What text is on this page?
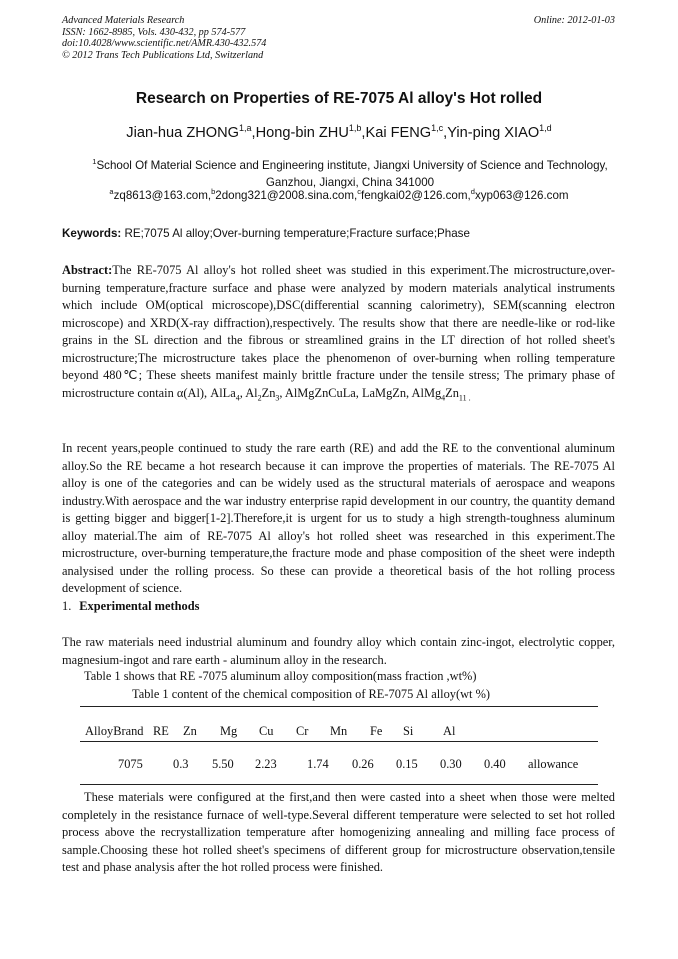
Advanced Materials Research
ISSN: 1662-8985, Vols. 430-432, pp 574-577
doi:10.4028/www.scientific.net/AMR.430-432.574
© 2012 Trans Tech Publications Ltd, Switzerland
Online: 2012-01-03
Research on Properties of RE-7075 Al alloy's Hot rolled
Jian-hua ZHONG$^{1,a}$,Hong-bin ZHU$^{1,b}$,Kai FENG$^{1,c}$,Yin-ping XIAO$^{1,d}$
$^1$School Of Material Science and Engineering institute, Jiangxi University of Science and Technology, Ganzhou, Jiangxi, China 341000
$^a$zq8613@163.com,$^b$2dong321@2008.sina.com,$^c$fengkai02@126.com,$^d$xyp063@126.com
Keywords: RE;7075 Al alloy;Over-burning temperature;Fracture surface;Phase

Abstract:The RE-7075 Al alloy's hot rolled sheet was studied in this experiment.The microstructure,over-burning temperature,fracture surface and phase were analyzed by modern materials analytical instruments which include OM(optical microscope),DSC(differential scanning calorimetry), SEM(scanning electron microscope) and XRD(X-ray diffraction),respectively. The results show that there are needle-like or rod-like grains in the SL direction and the fibrous or streamlined grains in the LT direction of hot rolled sheet's microstructure;The microstructure takes place the phenomenon of over-burning when rolling temperature beyond 480℃; These sheets manifest mainly brittle fracture under the tensile stress; The primary phase of microstructure contain α(Al), AlLa$_4$, $Al_2Zn_3$, AlMgZnCuLa, LaMgZn, $AlMg_4Zn_{11 .}$

In recent years,people continued to study the rare earth (RE) and add the RE to the conventional aluminum alloy.So the RE became a hot research because it can improve the properties of materials. The RE-7075 Al alloy is one of the categories and can be widely used as the structural materials of aerospace and weapons industry.With aerospace and the war industry enterprise rapid development in our country, the quantity demand is getting bigger and bigger[1-2].Therefore,it is urgent for us to study a high strength-toughness aluminum alloy material.The aim of RE-7075 Al alloy's hot rolled sheet was researched in this experiment.The microstructure, over-burning temperature,the fracture mode and phase composition of the sheet were indepth analysised under the rolling process. So these can provide a theoretical basis of the hot rolling process development of science.

1. Experimental methods

The raw materials need industrial aluminum and foundry alloy which contain zinc-ingot, electrolytic copper, magnesium-ingot and rare earth - aluminum alloy in the research.

Table 1 shows that RE -7075 aluminum alloy composition(mass fraction ,wt%)
Table 1 content of the chemical composition of RE-7075 Al alloy(wt %)
AlloyBrand RE Zn Mg Cu Cr Mn Fe Si Al
7075 0.3 5.50 2.23 1.74 0.26 0.15 0.30 0.40 allowance

These materials were configured at the first,and then were casted into a sheet when those were melted completely in the resistance furnace of well-type.Several different temperature were selected to set hot rolled process above the recrystallization temperature after homogenizing annealing and milling face process of sample.Choosing these hot rolled sheet's specimens of different group for microstructure observation,tensile test and phase analysis after the hot rolled process were finished.
